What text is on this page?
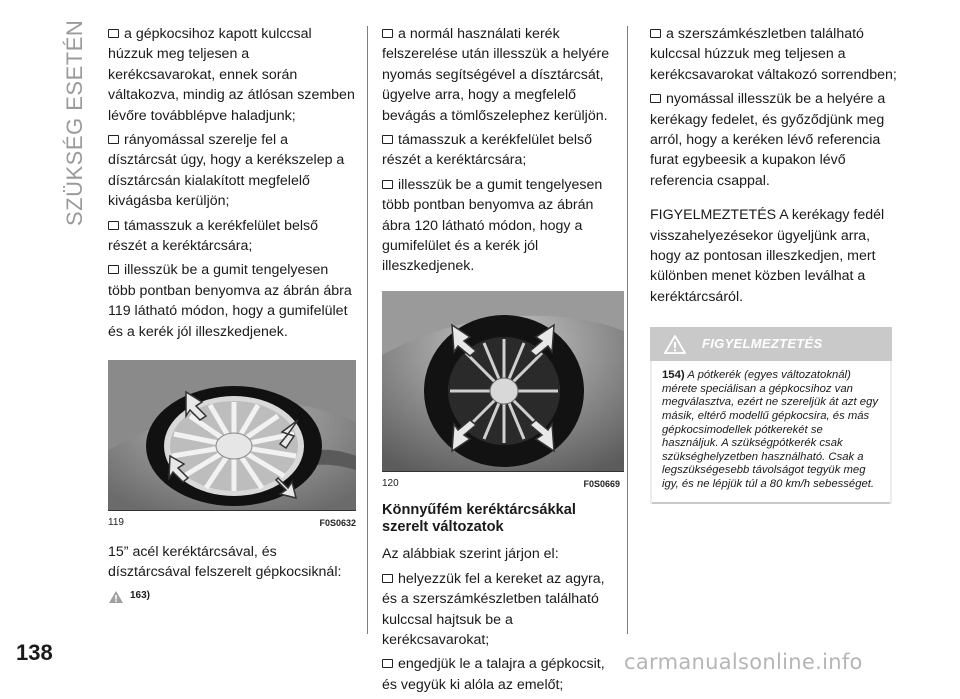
SZÜKSÉG ESETÉN
138	carmanualsonline.info

a gépkocsihoz kapott kulccsal húzzuk meg teljesen a kerékcsavarokat, ennek során váltakozva, mindig az átlósan szemben lévőre továbblépve haladjunk;

rányomással szerelje fel a dísztárcsát úgy, hogy a kerékszelep a dísztárcsán kialakított megfelelő kivágásba kerüljön;

támasszuk a kerékfelület belső részét a keréktárcsára;

illesszük be a gumit tengelyesen több pontban benyomva az ábrán ábra 119 látható módon, hogy a gumifelület és a kerék jól illeszkedjenek.

119	F0S0632

15” acél keréktárcsával, és dísztárcsával felszerelt gépkocsiknál:

163)

a normál használati kerék felszerelése után illesszük a helyére nyomás segítségével a dísztárcsát, ügyelve arra, hogy a megfelelő bevágás a tömlőszelephez kerüljön.

támasszuk a kerékfelület belső részét a keréktárcsára;

illesszük be a gumit tengelyesen több pontban benyomva az ábrán ábra 120 látható módon, hogy a gumifelület és a kerék jól illeszkedjenek.

120	F0S0669
Könnyűfém keréktárcsákkal szerelt változatok

Az alábbiak szerint járjon el:

helyezzük fel a kereket az agyra, és a szerszámkészletben található kulccsal hajtsuk be a kerékcsavarokat;

engedjük le a talajra a gépkocsit, és vegyük ki alóla az emelőt;

a szerszámkészletben található kulccsal húzzuk meg teljesen a kerékcsavarokat váltakozó sorrendben;

nyomással illesszük be a helyére a kerékagy fedelet, és győződjünk meg arról, hogy a keréken lévő referencia furat egybeesik a kupakon lévő referencia csappal.

FIGYELMEZTETÉS A kerékagy fedél visszahelyezésekor ügyeljünk arra, hogy az pontosan illeszkedjen, mert különben menet közben leválhat a keréktárcsáról.

FIGYELMEZTETÉS
154) A pótkerék (egyes változatoknál) mérete speciálisan a gépkocsihoz van megválasztva, ezért ne szereljük át azt egy másik, eltérő modellű gépkocsira, és más gépkocsimodellek pótkerekét se használjuk. A szükségpótkerék csak szükséghelyzetben használható. Csak a legszükségesebb távolságot tegyük meg igy, és ne lépjük túl a 80 km/h sebességet.
